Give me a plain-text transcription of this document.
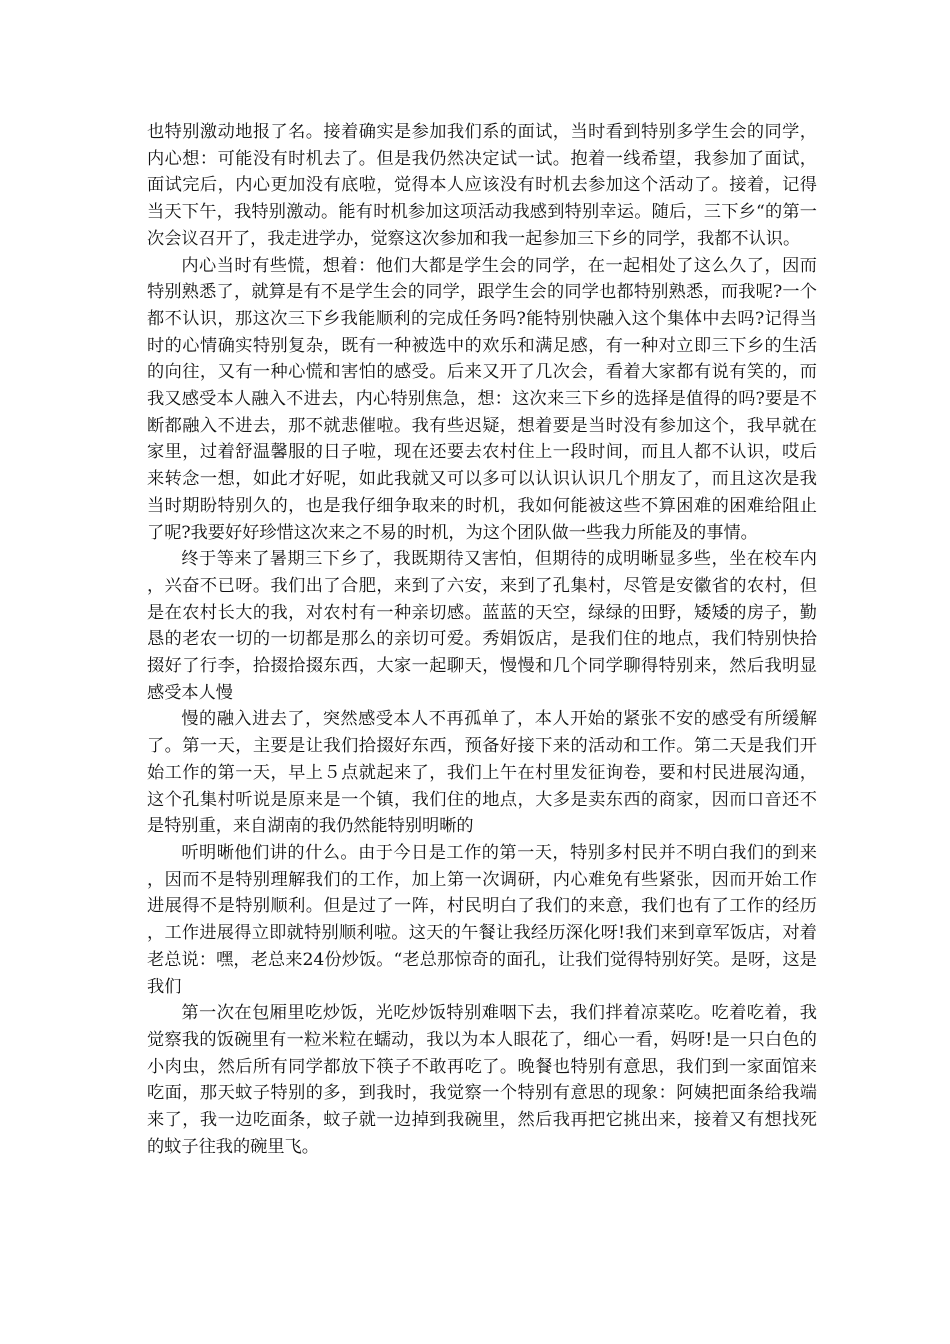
也特别激动地报了名。接着确实是参加我们系的面试，当时看到特别多学生会的同学，内心想：可能没有时机去了。但是我仍然决定试一试。抱着一线希望，我参加了面试，面试完后，内心更加没有底啦，觉得本人应该没有时机去参加这个活动了。接着，记得当天下午，我特别激动。能有时机参加这项活动我感到特别幸运。随后，三下乡“的第一次会议召开了，我走进学办，觉察这次参加和我一起参加三下乡的同学，我都不认识。

内心当时有些慌，想着：他们大都是学生会的同学，在一起相处了这么久了，因而特别熟悉了，就算是有不是学生会的同学，跟学生会的同学也都特别熟悉，而我呢?一个都不认识，那这次三下乡我能顺利的完成任务吗?能特别快融入这个集体中去吗?记得当时的心情确实特别复杂，既有一种被选中的欢乐和满足感，有一种对立即三下乡的生活的向往，又有一种心慌和害怕的感受。后来又开了几次会，看着大家都有说有笑的，而我又感受本人融入不进去，内心特别焦急，想：这次来三下乡的选择是值得的吗?要是不断都融入不进去，那不就悲催啦。我有些迟疑，想着要是当时没有参加这个，我早就在家里，过着舒温馨服的日子啦，现在还要去农村住上一段时间，而且人都不认识，哎后来转念一想，如此才好呢，如此我就又可以多可以认识认识几个朋友了，而且这次是我当时期盼特别久的，也是我仔细争取来的时机，我如何能被这些不算困难的困难给阻止了呢?我要好好珍惜这次来之不易的时机，为这个团队做一些我力所能及的事情。

终于等来了暑期三下乡了，我既期待又害怕，但期待的成明晰显多些，坐在校车内，兴奋不已呀。我们出了合肥，来到了六安，来到了孔集村，尽管是安徽省的农村，但是在农村长大的我，对农村有一种亲切感。蓝蓝的天空，绿绿的田野，矮矮的房子，勤恳的老农一切的一切都是那么的亲切可爱。秀娟饭店，是我们住的地点，我们特别快拾掇好了行李，拾掇拾掇东西，大家一起聊天，慢慢和几个同学聊得特别来，然后我明显感受本人慢

慢的融入进去了，突然感受本人不再孤单了，本人开始的紧张不安的感受有所缓解了。第一天，主要是让我们拾掇好东西，预备好接下来的活动和工作。第二天是我们开始工作的第一天，早上５点就起来了，我们上午在村里发征询卷，要和村民进展沟通，这个孔集村听说是原来是一个镇，我们住的地点，大多是卖东西的商家，因而口音还不是特别重，来自湖南的我仍然能特别明晰的

听明晰他们讲的什么。由于今日是工作的第一天，特别多村民并不明白我们的到来，因而不是特别理解我们的工作，加上第一次调研，内心难免有些紧张，因而开始工作进展得不是特别顺利。但是过了一阵，村民明白了我们的来意，我们也有了工作的经历，工作进展得立即就特别顺利啦。这天的午餐让我经历深化呀!我们来到章军饭店，对着老总说：嘿，老总来24份炒饭。“老总那惊奇的面孔，让我们觉得特别好笑。是呀，这是我们

第一次在包厢里吃炒饭，光吃炒饭特别难咽下去，我们拌着凉菜吃。吃着吃着，我觉察我的饭碗里有一粒米粒在蠕动，我以为本人眼花了，细心一看，妈呀!是一只白色的小肉虫，然后所有同学都放下筷子不敢再吃了。晚餐也特别有意思，我们到一家面馆来吃面，那天蚊子特别的多，到我时，我觉察一个特别有意思的现象：阿姨把面条给我端来了，我一边吃面条，蚊子就一边掉到我碗里，然后我再把它挑出来，接着又有想找死的蚊子往我的碗里飞。
